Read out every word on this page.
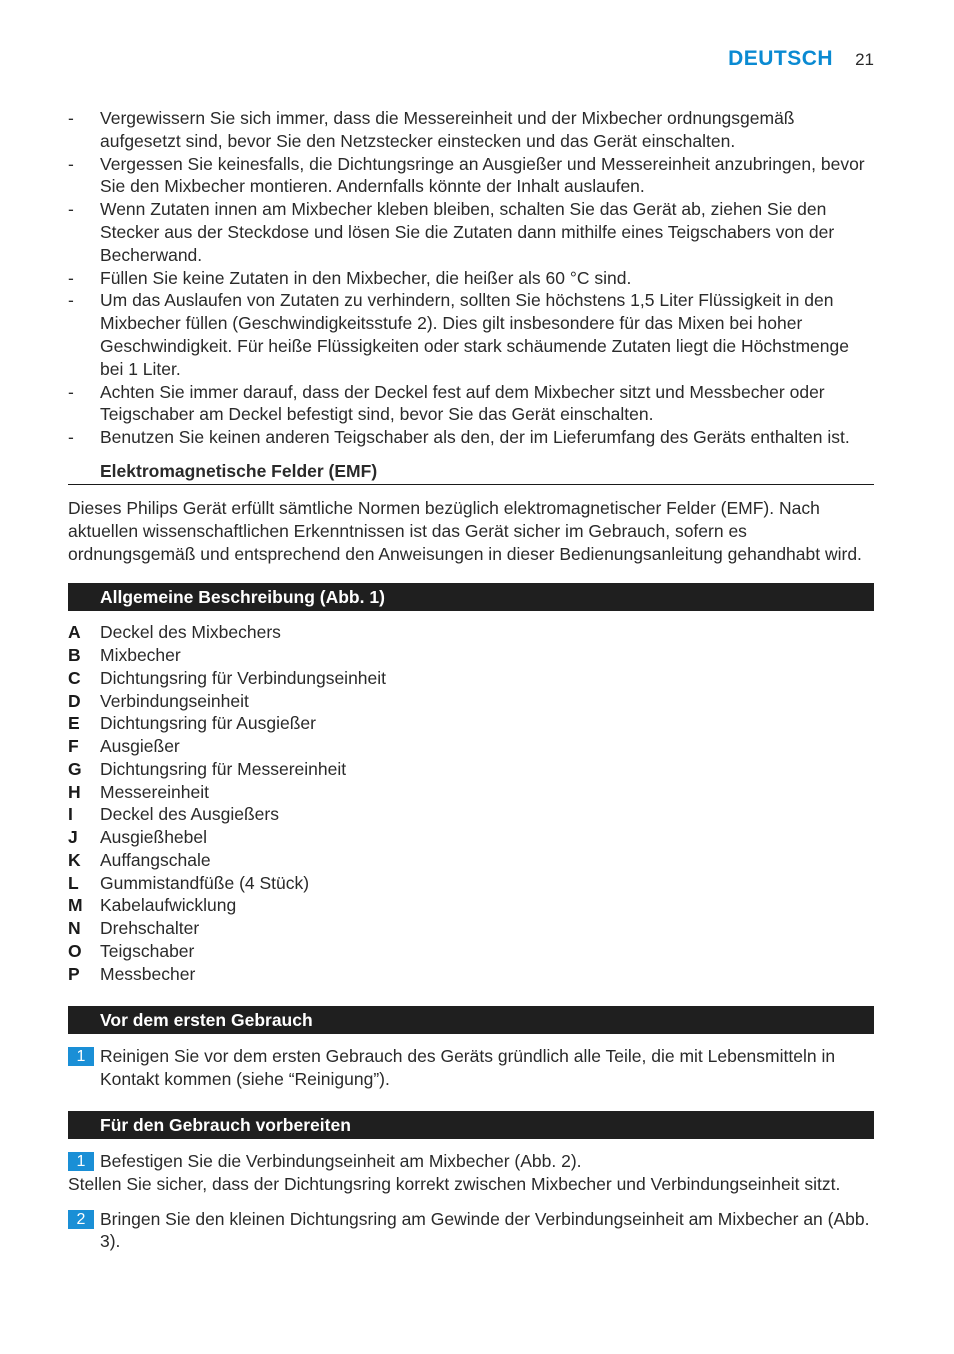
DEUTSCH 21
- Vergewissern Sie sich immer, dass die Messereinheit und der Mixbecher ordnungsgemäß aufgesetzt sind, bevor Sie den Netzstecker einstecken und das Gerät einschalten.
- Vergessen Sie keinesfalls, die Dichtungsringe an Ausgießer und Messereinheit anzubringen, bevor Sie den Mixbecher montieren. Andernfalls könnte der Inhalt auslaufen.
- Wenn Zutaten innen am Mixbecher kleben bleiben, schalten Sie das Gerät ab, ziehen Sie den Stecker aus der Steckdose und lösen Sie die Zutaten dann mithilfe eines Teigschabers von der Becherwand.
- Füllen Sie keine Zutaten in den Mixbecher, die heißer als 60 °C sind.
- Um das Auslaufen von Zutaten zu verhindern, sollten Sie höchstens 1,5 Liter Flüssigkeit in den Mixbecher füllen (Geschwindigkeitsstufe 2). Dies gilt insbesondere für das Mixen bei hoher Geschwindigkeit. Für heiße Flüssigkeiten oder stark schäumende Zutaten liegt die Höchstmenge bei 1 Liter.
- Achten Sie immer darauf, dass der Deckel fest auf dem Mixbecher sitzt und Messbecher oder Teigschaber am Deckel befestigt sind, bevor Sie das Gerät einschalten.
- Benutzen Sie keinen anderen Teigschaber als den, der im Lieferumfang des Geräts enthalten ist.
Elektromagnetische Felder (EMF)
Dieses Philips Gerät erfüllt sämtliche Normen bezüglich elektromagnetischer Felder (EMF). Nach aktuellen wissenschaftlichen Erkenntnissen ist das Gerät sicher im Gebrauch, sofern es ordnungsgemäß und entsprechend den Anweisungen in dieser Bedienungsanleitung gehandhabt wird.
Allgemeine Beschreibung (Abb. 1)
A Deckel des Mixbechers
B Mixbecher
C Dichtungsring für Verbindungseinheit
D Verbindungseinheit
E Dichtungsring für Ausgießer
F Ausgießer
G Dichtungsring für Messereinheit
H Messereinheit
I Deckel des Ausgießers
J Ausgießhebel
K Auffangschale
L Gummistandfüße (4 Stück)
M Kabelaufwicklung
N Drehschalter
O Teigschaber
P Messbecher
Vor dem ersten Gebrauch
1 Reinigen Sie vor dem ersten Gebrauch des Geräts gründlich alle Teile, die mit Lebensmitteln in Kontakt kommen (siehe “Reinigung”).
Für den Gebrauch vorbereiten
1 Befestigen Sie die Verbindungseinheit am Mixbecher (Abb. 2).
Stellen Sie sicher, dass der Dichtungsring korrekt zwischen Mixbecher und Verbindungseinheit sitzt.
2 Bringen Sie den kleinen Dichtungsring am Gewinde der Verbindungseinheit am Mixbecher an (Abb. 3).
